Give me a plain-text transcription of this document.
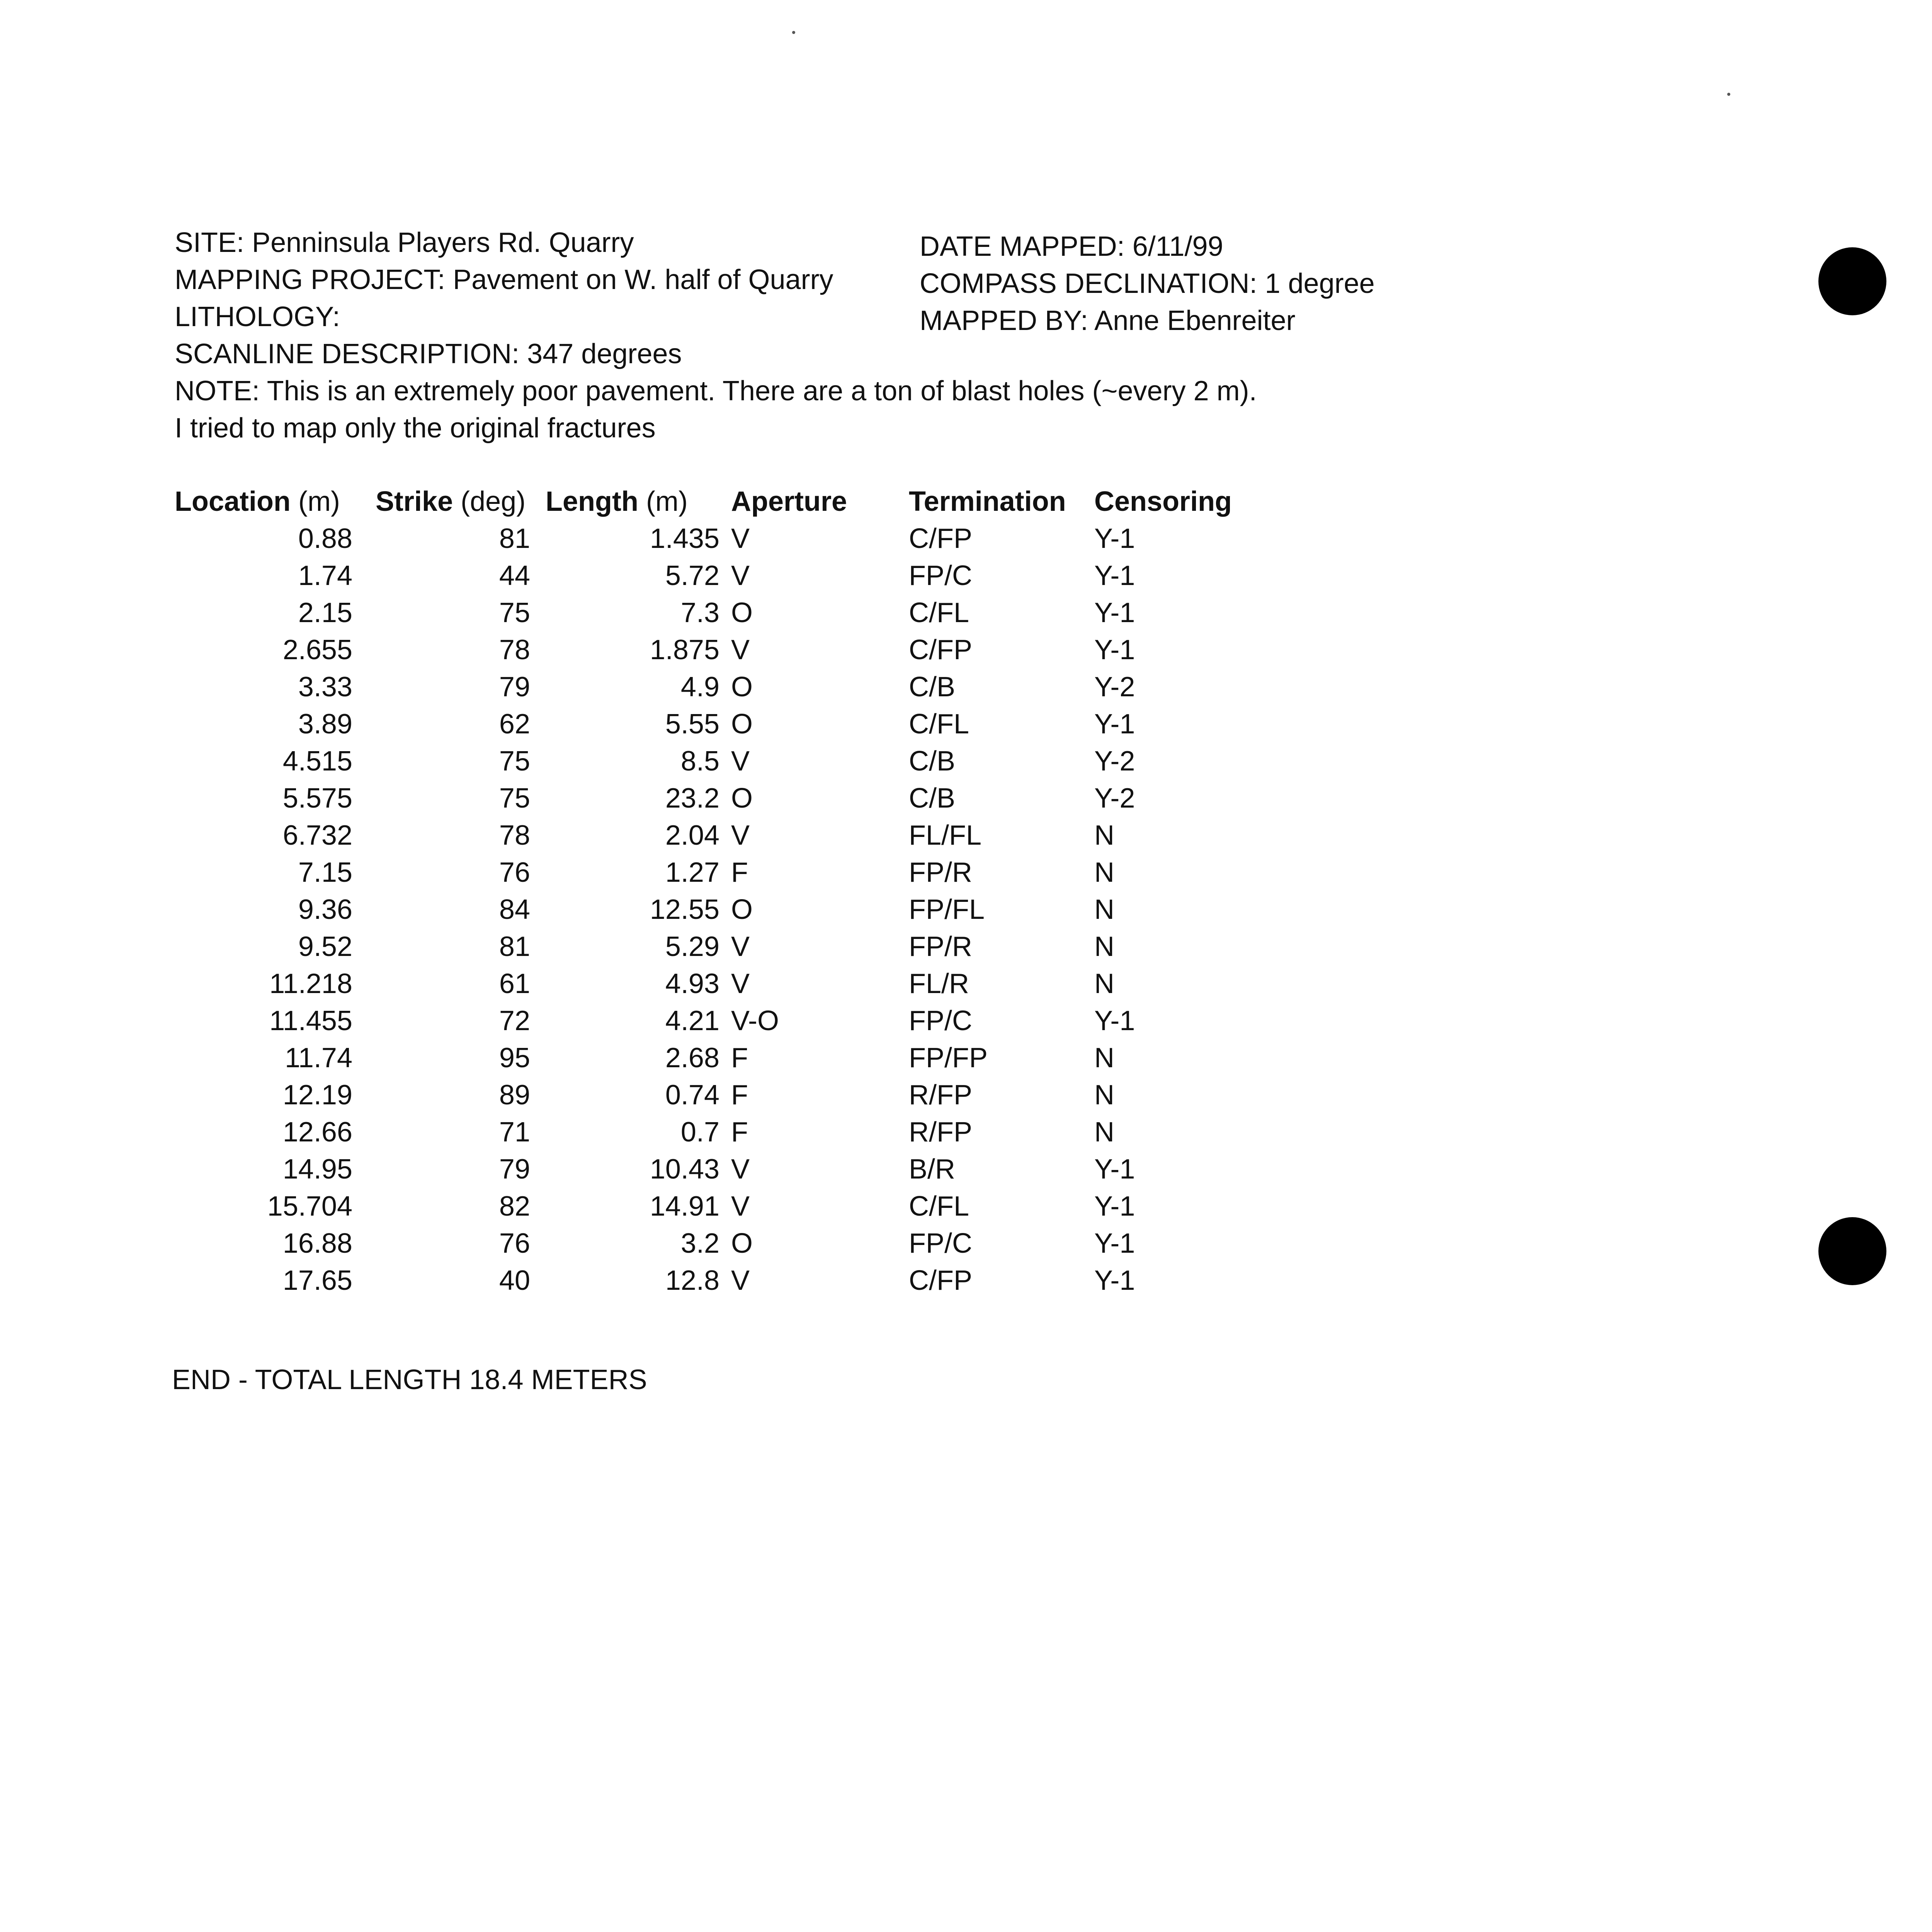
SITE: Penninsula Players Rd. Quarry
MAPPING PROJECT: Pavement on W. half of Quarry
LITHOLOGY:
SCANLINE DESCRIPTION: 347 degrees
NOTE: This is an extremely poor pavement. There are a ton of blast holes (~every 2 m).
I tried to map only the original fractures
DATE MAPPED: 6/11/99
COMPASS DECLINATION: 1 degree
MAPPED BY: Anne Ebenreiter
Location (m)	Strike (deg)	Length (m)	Aperture	Termination	Censoring
0.88	81	1.435	V	C/FP	Y-1
1.74	44	5.72	V	FP/C	Y-1
2.15	75	7.3	O	C/FL	Y-1
2.655	78	1.875	V	C/FP	Y-1
3.33	79	4.9	O	C/B	Y-2
3.89	62	5.55	O	C/FL	Y-1
4.515	75	8.5	V	C/B	Y-2
5.575	75	23.2	O	C/B	Y-2
6.732	78	2.04	V	FL/FL	N
7.15	76	1.27	F	FP/R	N
9.36	84	12.55	O	FP/FL	N
9.52	81	5.29	V	FP/R	N
11.218	61	4.93	V	FL/R	N
11.455	72	4.21	V-O	FP/C	Y-1
11.74	95	2.68	F	FP/FP	N
12.19	89	0.74	F	R/FP	N
12.66	71	0.7	F	R/FP	N
14.95	79	10.43	V	B/R	Y-1
15.704	82	14.91	V	C/FL	Y-1
16.88	76	3.2	O	FP/C	Y-1
17.65	40	12.8	V	C/FP	Y-1
END - TOTAL LENGTH 18.4 METERS
